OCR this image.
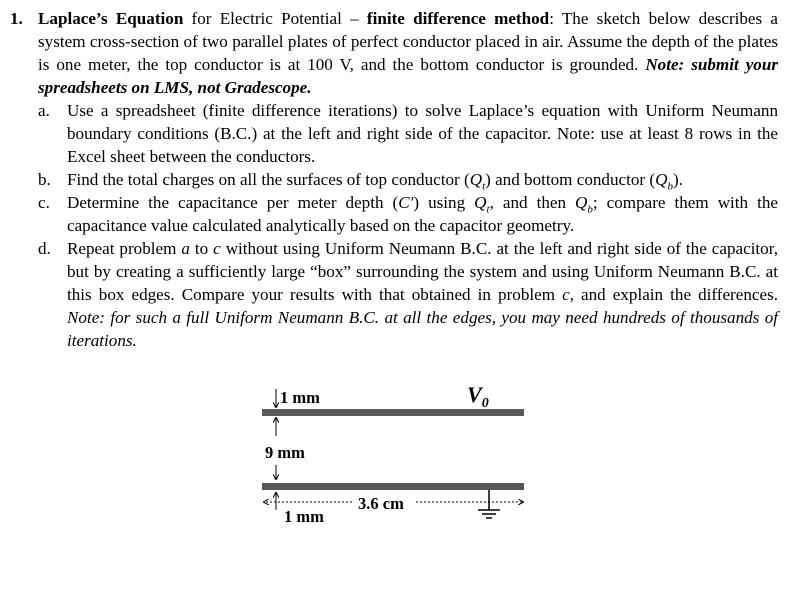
1. Laplace’s Equation for Electric Potential – finite difference method: The sketch below describes a system cross-section of two parallel plates of perfect conductor placed in air. Assume the depth of the plates is one meter, the top conductor is at 100 V, and the bottom conductor is grounded. Note: submit your spreadsheets on LMS, not Gradescope.
a. Use a spreadsheet (finite difference iterations) to solve Laplace’s equation with Uniform Neumann boundary conditions (B.C.) at the left and right side of the capacitor. Note: use at least 8 rows in the Excel sheet between the conductors.
b. Find the total charges on all the surfaces of top conductor $(Q_t)$ and bottom conductor $(Q_b)$.
c. Determine the capacitance per meter depth (C′) using $Q_t$, and then $Q_b$; compare them with the capacitance value calculated analytically based on the capacitor geometry.
d. Repeat problem a to c without using Uniform Neumann B.C. at the left and right side of the capacitor, but by creating a sufficiently large “box” surrounding the system and using Uniform Neumann B.C. at this box edges. Compare your results with that obtained in problem c, and explain the differences. Note: for such a full Uniform Neumann B.C. at all the edges, you may need hundreds of thousands of iterations.
1 mm	$V_0$
9 mm
1 mm
3.6 cm
